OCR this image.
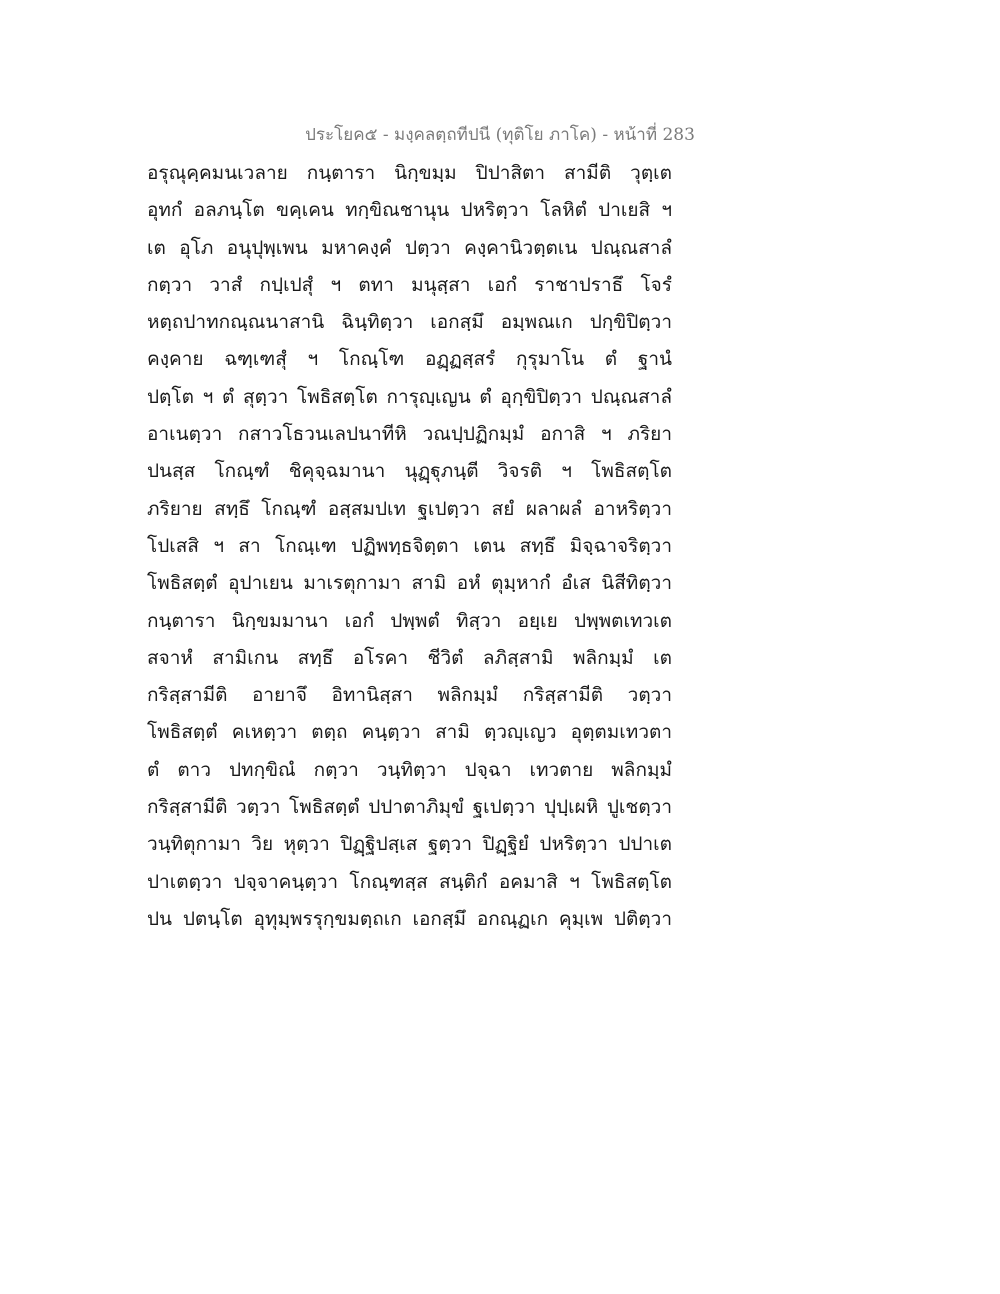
ประโยค๕ - มงฺคลตฺถทีปนี (ทุติโย ภาโค) - หน้าที่ 283
อรุณุคฺคมนเวลาย กนฺตารา นิกฺขมฺม ปิปาสิตา สามีติ วุตฺเต
อุทกํ อลภนฺโต ขคฺเคน ทกฺขิณชานุน ปหริตฺวา โลหิตํ ปาเยสิ ฯ
เต อุโภ อนุปุพฺเพน มหาคงฺคํ ปตฺวา คงฺคานิวตฺตเน ปณฺณสาลํ
กตฺวา วาสํ กปฺเปสุํ ฯ ตทา มนุสฺสา เอกํ ราชาปราธึ โจรํ
หตฺถปาทกณฺณนาสานิ ฉินฺทิตฺวา เอกสฺมึ อมฺพณเก ปกฺขิปิตฺวา
คงฺคาย ฉฑฺเฑสุํ ฯ โกณฺโฑ อฏฺฏสฺสรํ กุรุมาโน ตํ ฐานํ
ปตฺโต ฯ ตํ สุตฺวา โพธิสตฺโต การุญฺเญน ตํ อุกฺขิปิตฺวา ปณฺณสาลํ
อาเนตฺวา กสาวโธวนเลปนาทีหิ วณปฺปฏิกมฺมํ อกาสิ ฯ ภริยา
ปนสฺส โกณฺฑํ ชิคุจฺฉมานา นุฏฺฐุภนฺตี วิจรติ ฯ โพธิสตฺโต
ภริยาย สทฺธึ โกณฺฑํ อสฺสมปเท ฐเปตฺวา สยํ ผลาผลํ อาหริตฺวา
โปเสสิ ฯ สา โกณฺเฑ ปฏิพทฺธจิตฺตา เตน สทฺธึ มิจฺฉาจริตฺวา
โพธิสตฺตํ อุปาเยน มาเรตุกามา สามิ อหํ ตุมฺหากํ อํเส นิสีทิตฺวา
กนฺตารา นิกฺขมมานา เอกํ ปพฺพตํ ทิสฺวา อยฺเย ปพฺพตเทวเต
สจาหํ สามิเกน สทฺธึ อโรคา ชีวิตํ ลภิสฺสามิ พลิกมฺมํ เต
กริสฺสามีติ อายาจึ อิทานิสฺสา พลิกมฺมํ กริสฺสามีติ วตฺวา
โพธิสตฺตํ คเหตฺวา ตตฺถ คนฺตฺวา สามิ ตฺวญฺเญว อุตฺตมเทวตา
ตํ ตาว ปทกฺขิณํ กตฺวา วนฺทิตฺวา ปจฺฉา เทวตาย พลิกมฺมํ
กริสฺสามีติ วตฺวา โพธิสตฺตํ ปปาตาภิมุขํ ฐเปตฺวา ปุปฺเผหิ ปูเชตฺวา
วนฺทิตุกามา วิย หุตฺวา ปิฏฺฐิปสฺเส ฐตฺวา ปิฏฺฐิยํ ปหริตฺวา ปปาเต
ปาเตตฺวา ปจฺจาคนฺตฺวา โกณฺฑสฺส สนฺติกํ อคมาสิ ฯ โพธิสตฺโต
ปน ปตนฺโต อุทุมฺพรรุกฺขมตฺถเก เอกสฺมึ อกณฺฏเก คุมฺเพ ปติตฺวา
